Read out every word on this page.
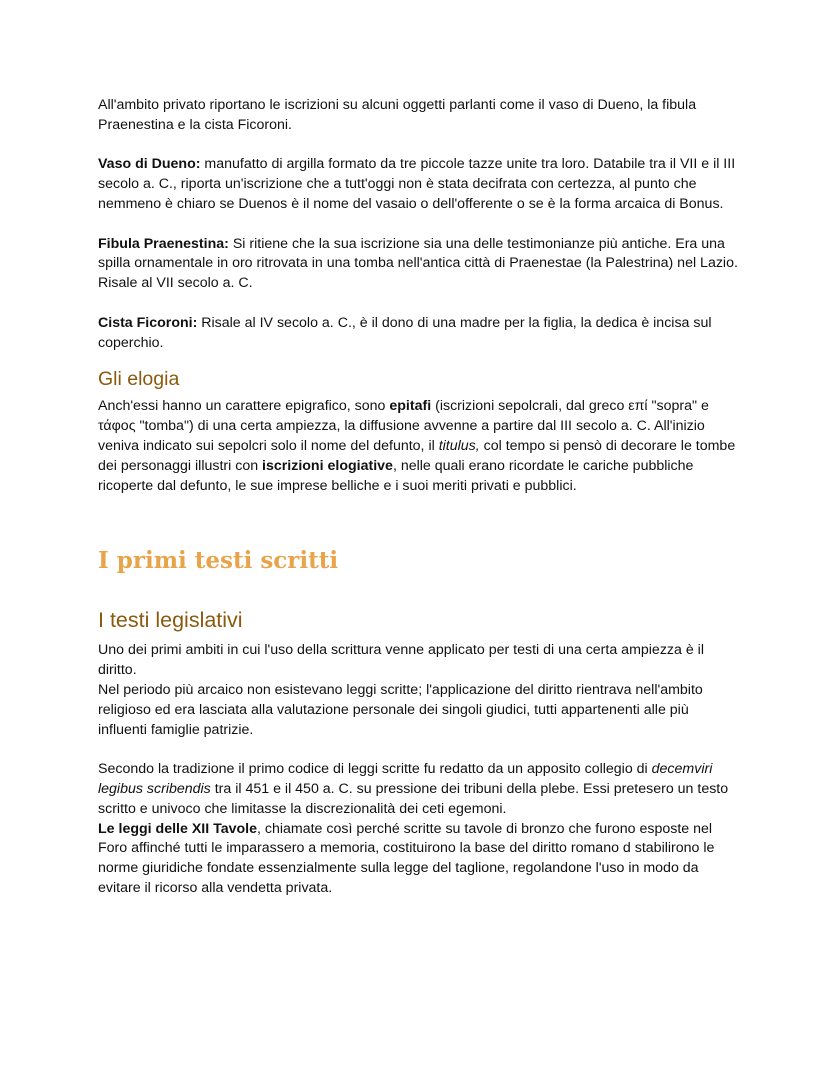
All'ambito privato riportano le iscrizioni su alcuni oggetti parlanti come il vaso di Dueno, la fibula Praenestina e la cista Ficoroni.

Vaso di Dueno: manufatto di argilla formato da tre piccole tazze unite tra loro. Databile tra il VII e il III secolo a. C., riporta un'iscrizione che a tutt'oggi non è stata decifrata con certezza, al punto che nemmeno è chiaro se Duenos è il nome del vasaio o dell'offerente o se è la forma arcaica di Bonus.

Fibula Praenestina: Si ritiene che la sua iscrizione sia una delle testimonianze più antiche. Era una spilla ornamentale in oro ritrovata in una tomba nell'antica città di Praenestae (la Palestrina) nel Lazio. Risale al VII secolo a. C.

Cista Ficoroni: Risale al IV secolo a. C., è il dono di una madre per la figlia, la dedica è incisa sul coperchio.

Gli elogia

Anch'essi hanno un carattere epigrafico, sono epitafi (iscrizioni sepolcrali, dal greco επί "sopra" e τάφος "tomba") di una certa ampiezza, la diffusione avvenne a partire dal III secolo a. C. All'inizio veniva indicato sui sepolcri solo il nome del defunto, il titulus, col tempo si pensò di decorare le tombe dei personaggi illustri con iscrizioni elogiative, nelle quali erano ricordate le cariche pubbliche ricoperte dal defunto, le sue imprese belliche e i suoi meriti privati e pubblici.

I primi testi scritti
I testi legislativi

Uno dei primi ambiti in cui l'uso della scrittura venne applicato per testi di una certa ampiezza è il diritto.

Nel periodo più arcaico non esistevano leggi scritte; l'applicazione del diritto rientrava nell'ambito religioso ed era lasciata alla valutazione personale dei singoli giudici, tutti appartenenti alle più influenti famiglie patrizie.

Secondo la tradizione il primo codice di leggi scritte fu redatto da un apposito collegio di decemviri legibus scribendis tra il 451 e il 450 a. C. su pressione dei tribuni della plebe. Essi pretesero un testo scritto e univoco che limitasse la discrezionalità dei ceti egemoni.

Le leggi delle XII Tavole, chiamate così perché scritte su tavole di bronzo che furono esposte nel Foro affinché tutti le imparassero a memoria, costituirono la base del diritto romano d stabilirono le norme giuridiche fondate essenzialmente sulla legge del taglione, regolandone l'uso in modo da evitare il ricorso alla vendetta privata.
